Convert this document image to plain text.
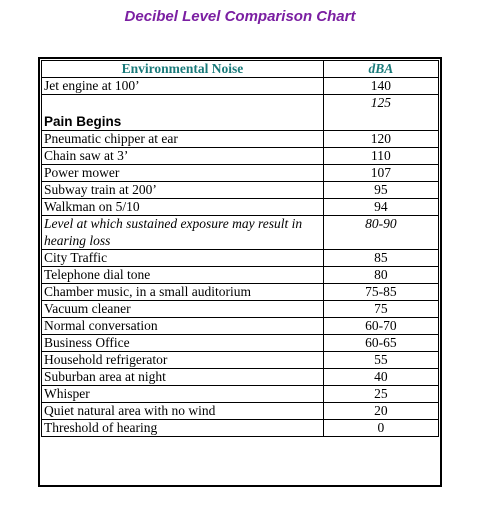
Decibel Level Comparison Chart
Environmental Noise	dBA
Jet engine at 100’	140

Pain Begins	125
Pneumatic chipper at ear	120
Chain saw at 3’	110
Power mower	107
Subway train at 200’	95
Walkman on 5/10	94
Level at which sustained exposure may result in hearing loss	80-90
City Traffic	85
Telephone dial tone	80
Chamber music, in a small auditorium	75-85
Vacuum cleaner	75
Normal conversation	60-70
Business Office	60-65
Household refrigerator	55
Suburban area at night	40
Whisper	25
Quiet natural area with no wind	20
Threshold of hearing	0
